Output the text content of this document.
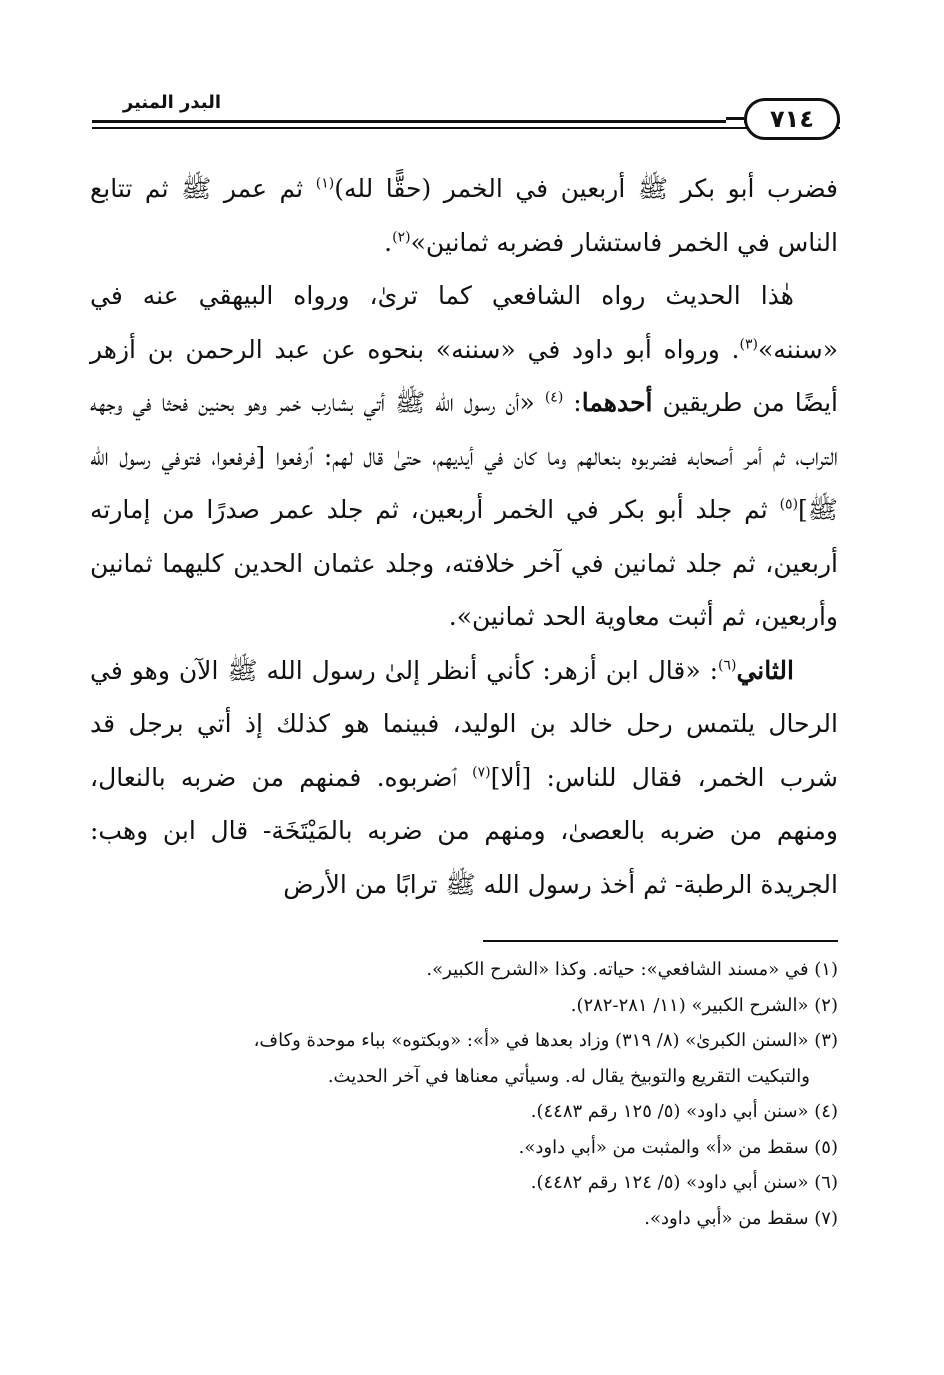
البدر المنير
٧١٤

فضرب أبو بكر ﷺ أربعين في الخمر (حقًّا لله)$^{(١)}$ ثم عمر ﷺ ثم تتابع الناس في الخمر فاستشار فضربه ثمانين»$^{(٢)}$.

هٰذا الحديث رواه الشافعي كما ترىٰ، ورواه البيهقي عنه في «سننه»$^{(٣)}$. ورواه أبو داود في «سننه» بنحوه عن عبد الرحمن بن أزهر أيضًا من طريقين أحدهما: $^{(٤)}$ «أن رسول الله ﷺ أتي بشارب خمر وهو بحنين فحثا في وجهه التراب، ثم أمر أصحابه فضربوه بنعالهم وما كان في أيديهم، حتىٰ قال لهم: ٱرفعوا [فرفعوا، فتوفي رسول الله ﷺ]$^{(٥)}$ ثم جلد أبو بكر في الخمر أربعين، ثم جلد عمر صدرًا من إمارته أربعين، ثم جلد ثمانين في آخر خلافته، وجلد عثمان الحدين كليهما ثمانين وأربعين، ثم أثبت معاوية الحد ثمانين».

الثاني$^{(٦)}$: «قال ابن أزهر: كأني أنظر إلىٰ رسول الله ﷺ الآن وهو في الرحال يلتمس رحل خالد بن الوليد، فبينما هو كذلك إذ أتي برجل قد شرب الخمر، فقال للناس: [ألا]$^{(٧)}$ ٱضربوه. فمنهم من ضربه بالنعال، ومنهم من ضربه بالعصىٰ، ومنهم من ضربه بالمَيْتَخَة- قال ابن وهب: الجريدة الرطبة- ثم أخذ رسول الله ﷺ ترابًا من الأرض

(١) في «مسند الشافعي»: حياته. وكذا «الشرح الكبير».

(٢) «الشرح الكبير» (١١/ ٢٨١-٢٨٢).

(٣) «السنن الكبرىٰ» (٨/ ٣١٩) وزاد بعدها في «أ»: «وبكتوه» بباء موحدة وكاف،

والتبكيت التقريع والتوبيخ يقال له. وسيأتي معناها في آخر الحديث.

(٤) «سنن أبي داود» (٥/ ١٢٥ رقم ٤٤٨٣).

(٥) سقط من «أ» والمثبت من «أبي داود».

(٦) «سنن أبي داود» (٥/ ١٢٤ رقم ٤٤٨٢).

(٧) سقط من «أبي داود».
